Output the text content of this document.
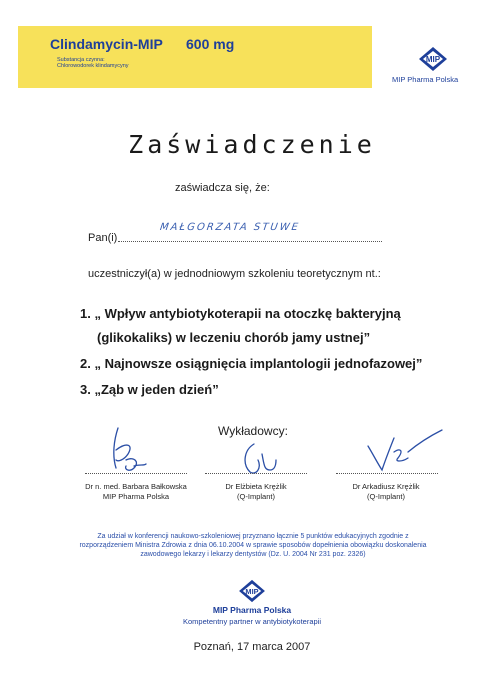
Clindamycin-MIP 600 mg
Substancja czynna:
Chlorowodorek klindamycyny
MIP
MIP Pharma Polska
Zaświadczenie
zaświadcza się, że:
Pan(i)
MAŁGORZATA STUWE
uczestniczył(a) w jednodniowym szkoleniu teoretycznym nt.:
1. „ Wpływ antybiotykoterapii na otoczkę bakteryjną
(glikokaliks) w leczeniu chorób jamy ustnej”
2. „ Najnowsze osiągnięcia implantologii jednofazowej”
3. „Ząb w jeden dzień”
Wykładowcy:
Dr n. med. Barbara Bałkowska
MIP Pharma Polska
Dr Elżbieta Krężlik
(Q-Implant)
Dr Arkadiusz Krężlik
(Q-Implant)
Za udział w konferencji naukowo-szkoleniowej przyznano łącznie 5 punktów edukacyjnych zgodnie z rozporządzeniem Ministra Zdrowia z dnia 06.10.2004 w sprawie sposobów dopełnienia obowiązku doskonalenia zawodowego lekarzy i lekarzy dentystów (Dz. U. 2004 Nr 231 poz. 2326)
MIP
MIP Pharma Polska
Kompetentny partner w antybiotykoterapii
Poznań, 17 marca 2007
